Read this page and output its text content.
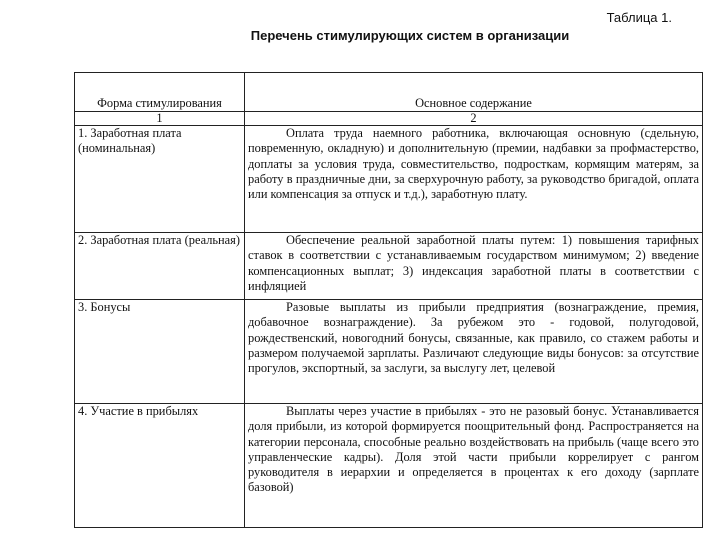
Таблица 1.
Перечень стимулирующих систем в организации
Форма стимулирования	Основное содержание
1	2
1. Заработная плата (номинальная)	Оплата труда наемного работника, включающая основную (сдельную, повременную, окладную) и дополнительную (премии, надбавки за профмастерство, доплаты за условия труда, совместительство, подросткам, кормящим матерям, за работу в праздничные дни, за сверхурочную работу, за руководство бригадой, оплата или компенсация за отпуск и т.д.), заработную плату.
2. Заработная плата (реальная)	Обеспечение реальной заработной платы путем: 1) повышения тарифных ставок в соответствии с устанавливаемым государством минимумом; 2) введение компенсационных выплат; 3) индексация заработной платы в соответствии с инфляцией
3. Бонусы	Разовые выплаты из прибыли предприятия (вознаграждение, премия, добавочное вознаграждение). За рубежом это - годовой, полугодовой, рождественский, новогодний бонусы, связанные, как правило, со стажем работы и размером получаемой зарплаты. Различают следующие виды бонусов: за отсутствие прогулов, экспортный, за заслуги, за выслугу лет, целевой
4. Участие в прибылях	Выплаты через участие в прибылях - это не разовый бонус. Устанавливается доля прибыли, из которой формируется поощрительный фонд. Распространяется на категории персонала, способные реально воздействовать на прибыль (чаще всего это управленческие кадры). Доля этой части прибыли коррелирует с рангом руководителя в иерархии и определяется в процентах к его доходу (зарплате базовой)
